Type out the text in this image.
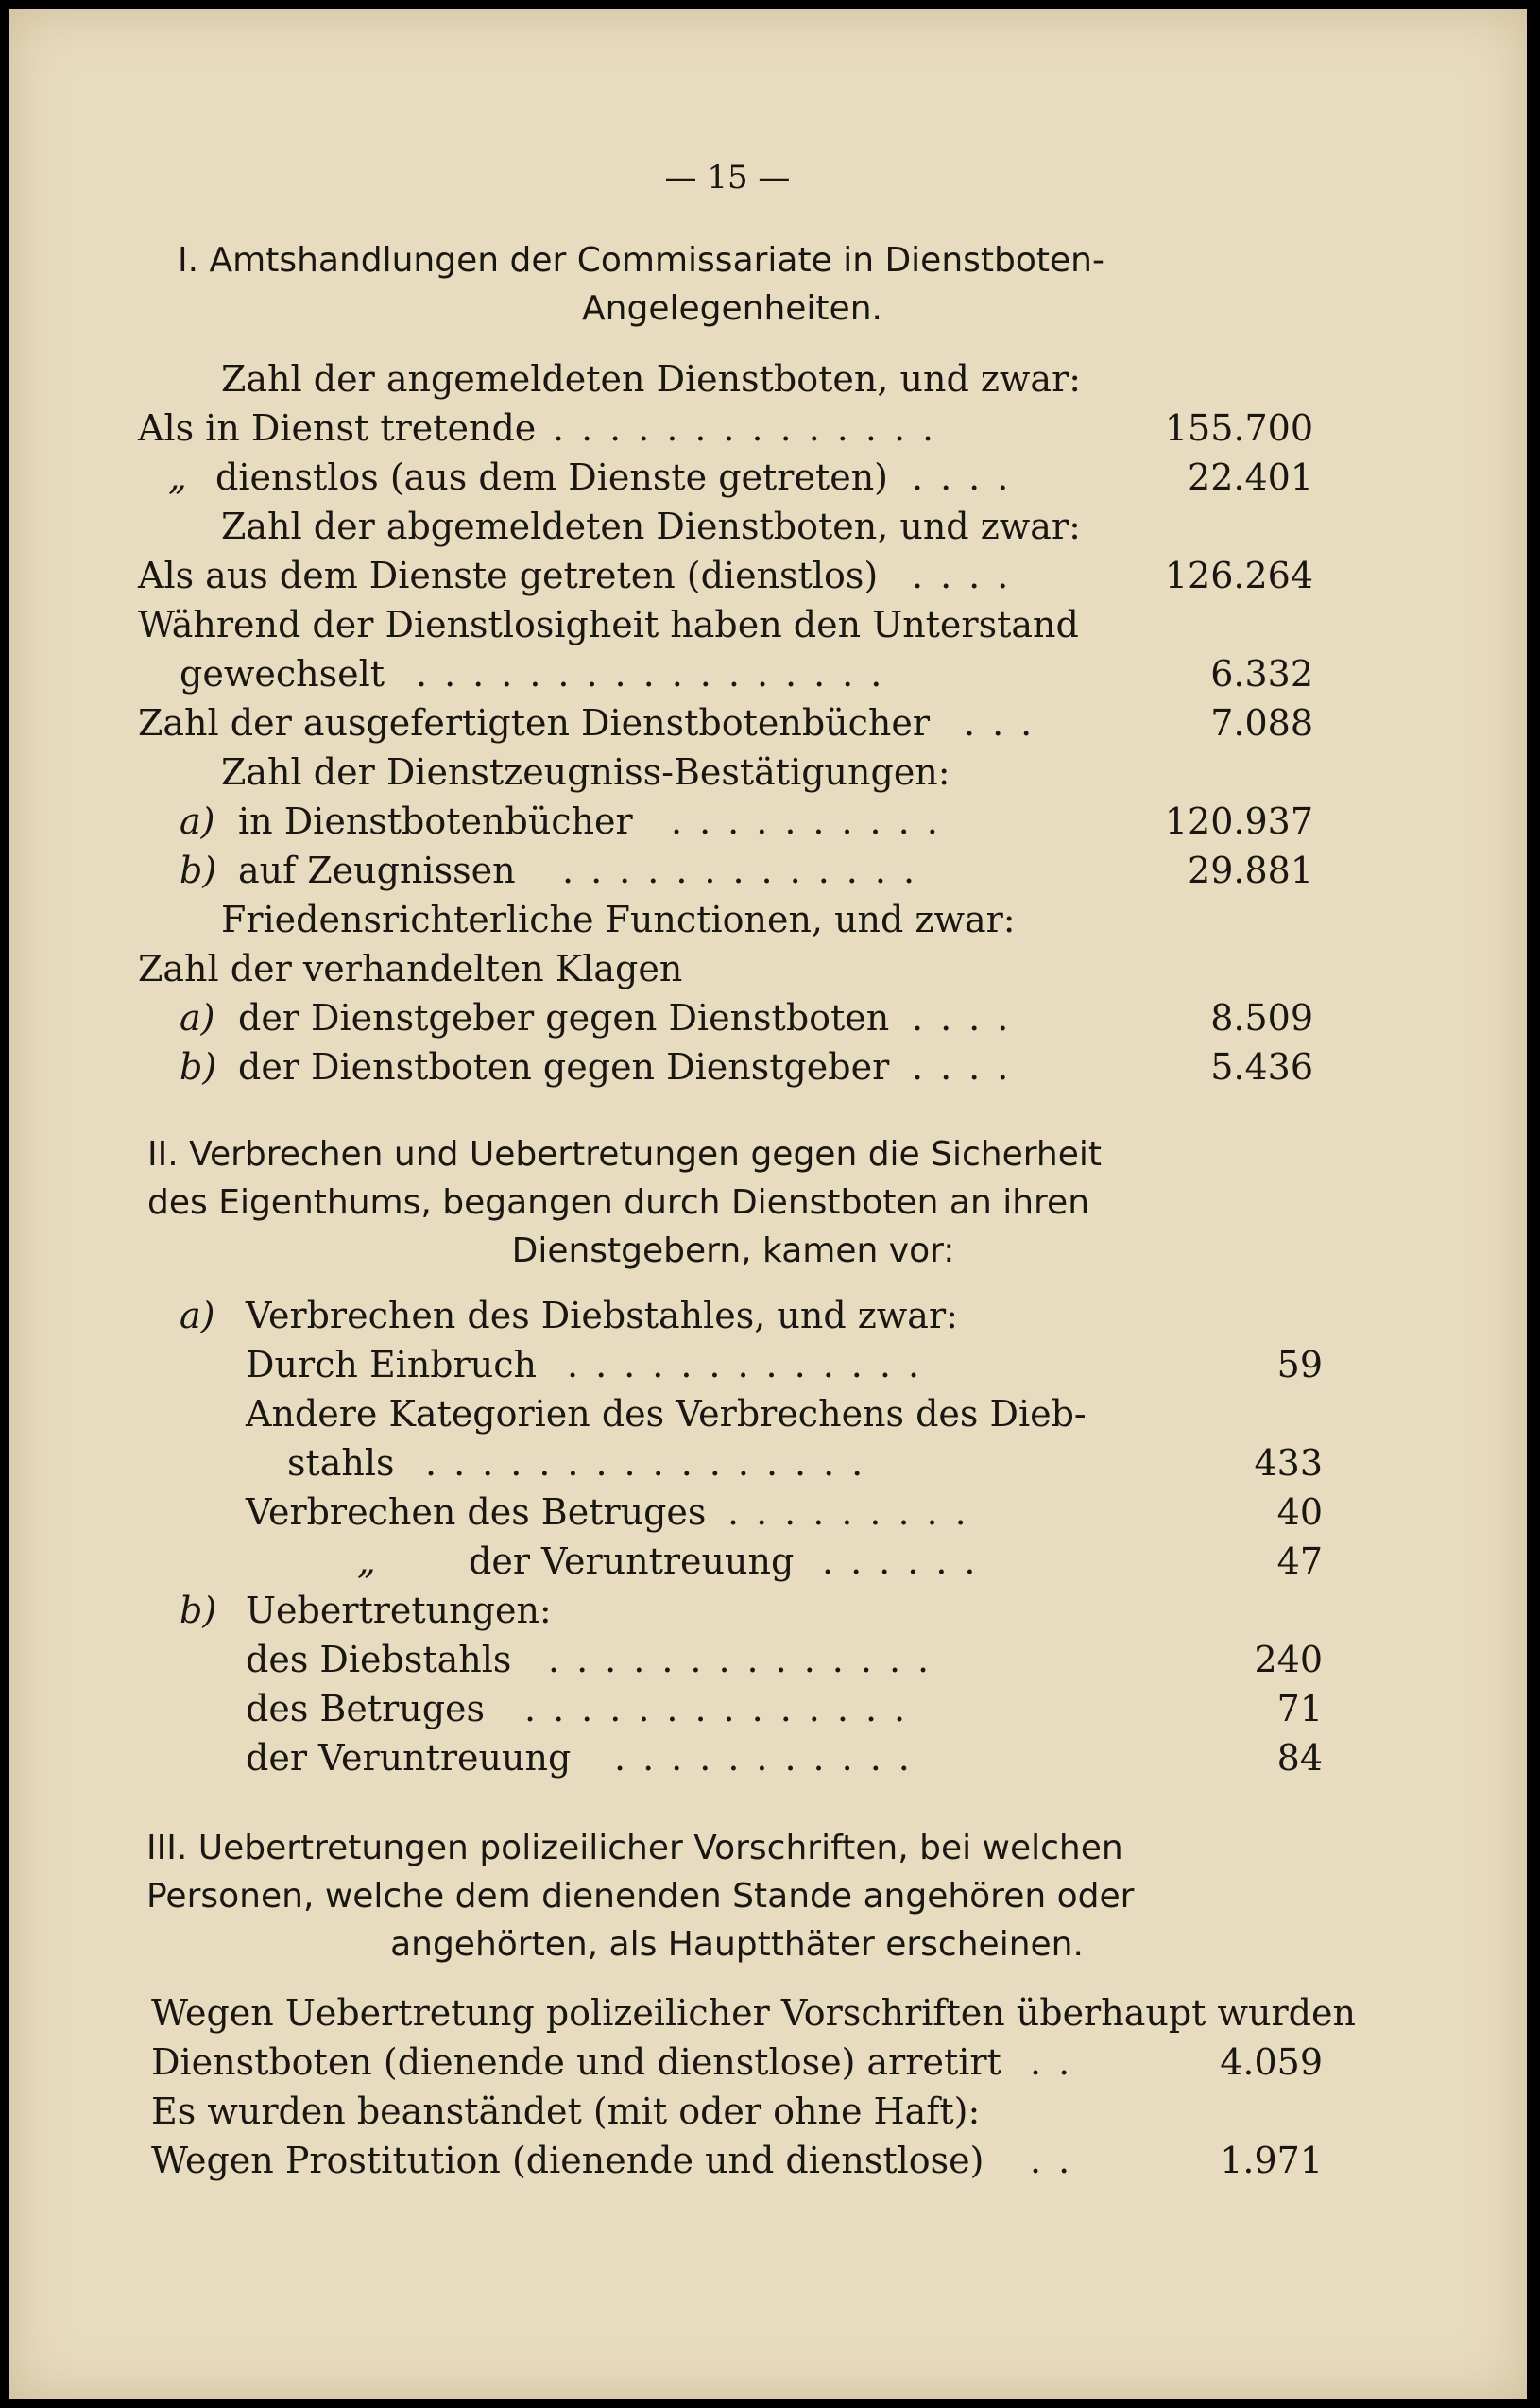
— 15 —
I. Amtshandlungen der Commissariate in Dienstboten-
Angelegenheiten.
Zahl der angemeldeten Dienstboten, und zwar:
Als in Dienst tretende ..............	155.700
„ dienstlos (aus dem Dienste getreten) ....	22.401
Zahl der abgemeldeten Dienstboten, und zwar:
Als aus dem Dienste getreten (dienstlos) ....	126.264
Während der Dienstlosigheit haben den Unterstand
gewechselt .................	6.332
Zahl der ausgefertigten Dienstbotenbücher ...	7.088
Zahl der Dienstzeugniss-Bestätigungen:
a) in Dienstbotenbücher ..........	120.937
b) auf Zeugnissen .............	29.881
Friedensrichterliche Functionen, und zwar:
Zahl der verhandelten Klagen
a) der Dienstgeber gegen Dienstboten ....	8.509
b) der Dienstboten gegen Dienstgeber ....	5.436
II. Verbrechen und Uebertretungen gegen die Sicherheit
des Eigenthums, begangen durch Dienstboten an ihren
Dienstgebern, kamen vor:
a) Verbrechen des Diebstahles, und zwar:
Durch Einbruch .............	59
Andere Kategorien des Verbrechens des Dieb-
stahls ................	433
Verbrechen des Betruges .........	40
„	der Veruntreuung ......	47
b) Uebertretungen:
des Diebstahls ..............	240
des Betruges ..............	71
der Veruntreuung ...........	84
III. Uebertretungen polizeilicher Vorschriften, bei welchen
Personen, welche dem dienenden Stande angehören oder
angehörten, als Hauptthäter erscheinen.
Wegen Uebertretung polizeilicher Vorschriften überhaupt wurden
Dienstboten (dienende und dienstlose) arretirt ..	4.059
Es wurden beanständet (mit oder ohne Haft):
Wegen Prostitution (dienende und dienstlose) ..	1.971
